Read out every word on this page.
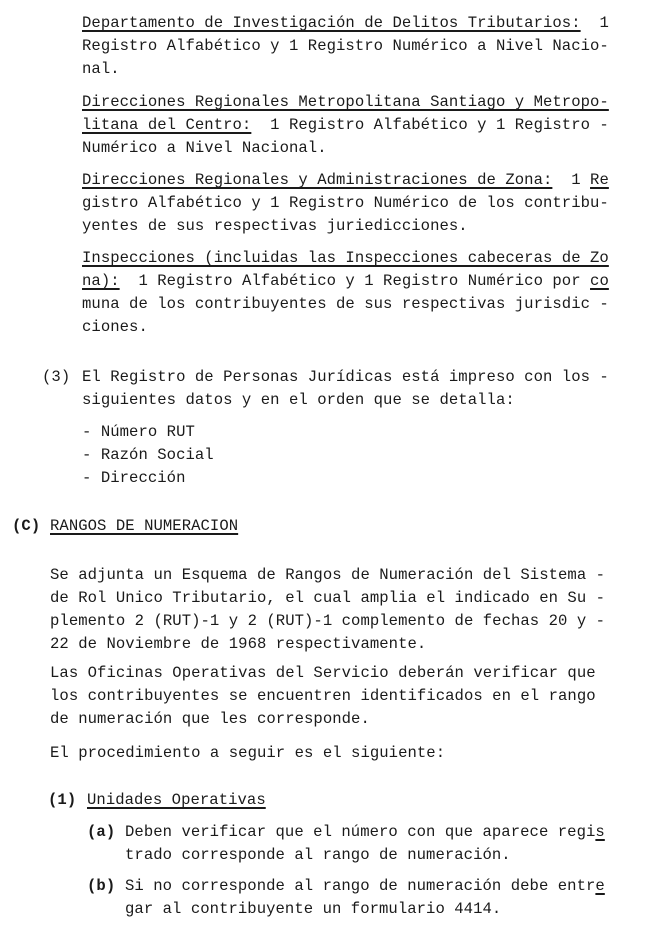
Departamento de Investigación de Delitos Tributarios:  1
Registro Alfabético y 1 Registro Numérico a Nivel Nacio-
nal.
Direcciones Regionales Metropolitana Santiago y Metropo-
litana del Centro:  1 Registro Alfabético y 1 Registro -
Numérico a Nivel Nacional.
Direcciones Regionales y Administraciones de Zona:  1 Re
gistro Alfabético y 1 Registro Numérico de los contribu-
yentes de sus respectivas juriedicciones.
Inspecciones (incluidas las Inspecciones cabeceras de Zo
na):  1 Registro Alfabético y 1 Registro Numérico por co
muna de los contribuyentes de sus respectivas jurisdic -
ciones.
(3) El Registro de Personas Jurídicas está impreso con los -
siguientes datos y en el orden que se detalla:
- Número RUT
- Razón Social
- Dirección
(C) RANGOS DE NUMERACION
Se adjunta un Esquema de Rangos de Numeración del Sistema -
de Rol Unico Tributario, el cual amplia el indicado en Su -
plemento 2 (RUT)-1 y 2 (RUT)-1 complemento de fechas 20 y -
22 de Noviembre de 1968 respectivamente.
Las Oficinas Operativas del Servicio deberán verificar que
los contribuyentes se encuentren identificados en el rango
de numeración que les corresponde.
El procedimiento a seguir es el siguiente:
(1) Unidades Operativas
(a) Deben verificar que el número con que aparece regis
trado corresponde al rango de numeración.
(b) Si no corresponde al rango de numeración debe entre
gar al contribuyente un formulario 4414.
